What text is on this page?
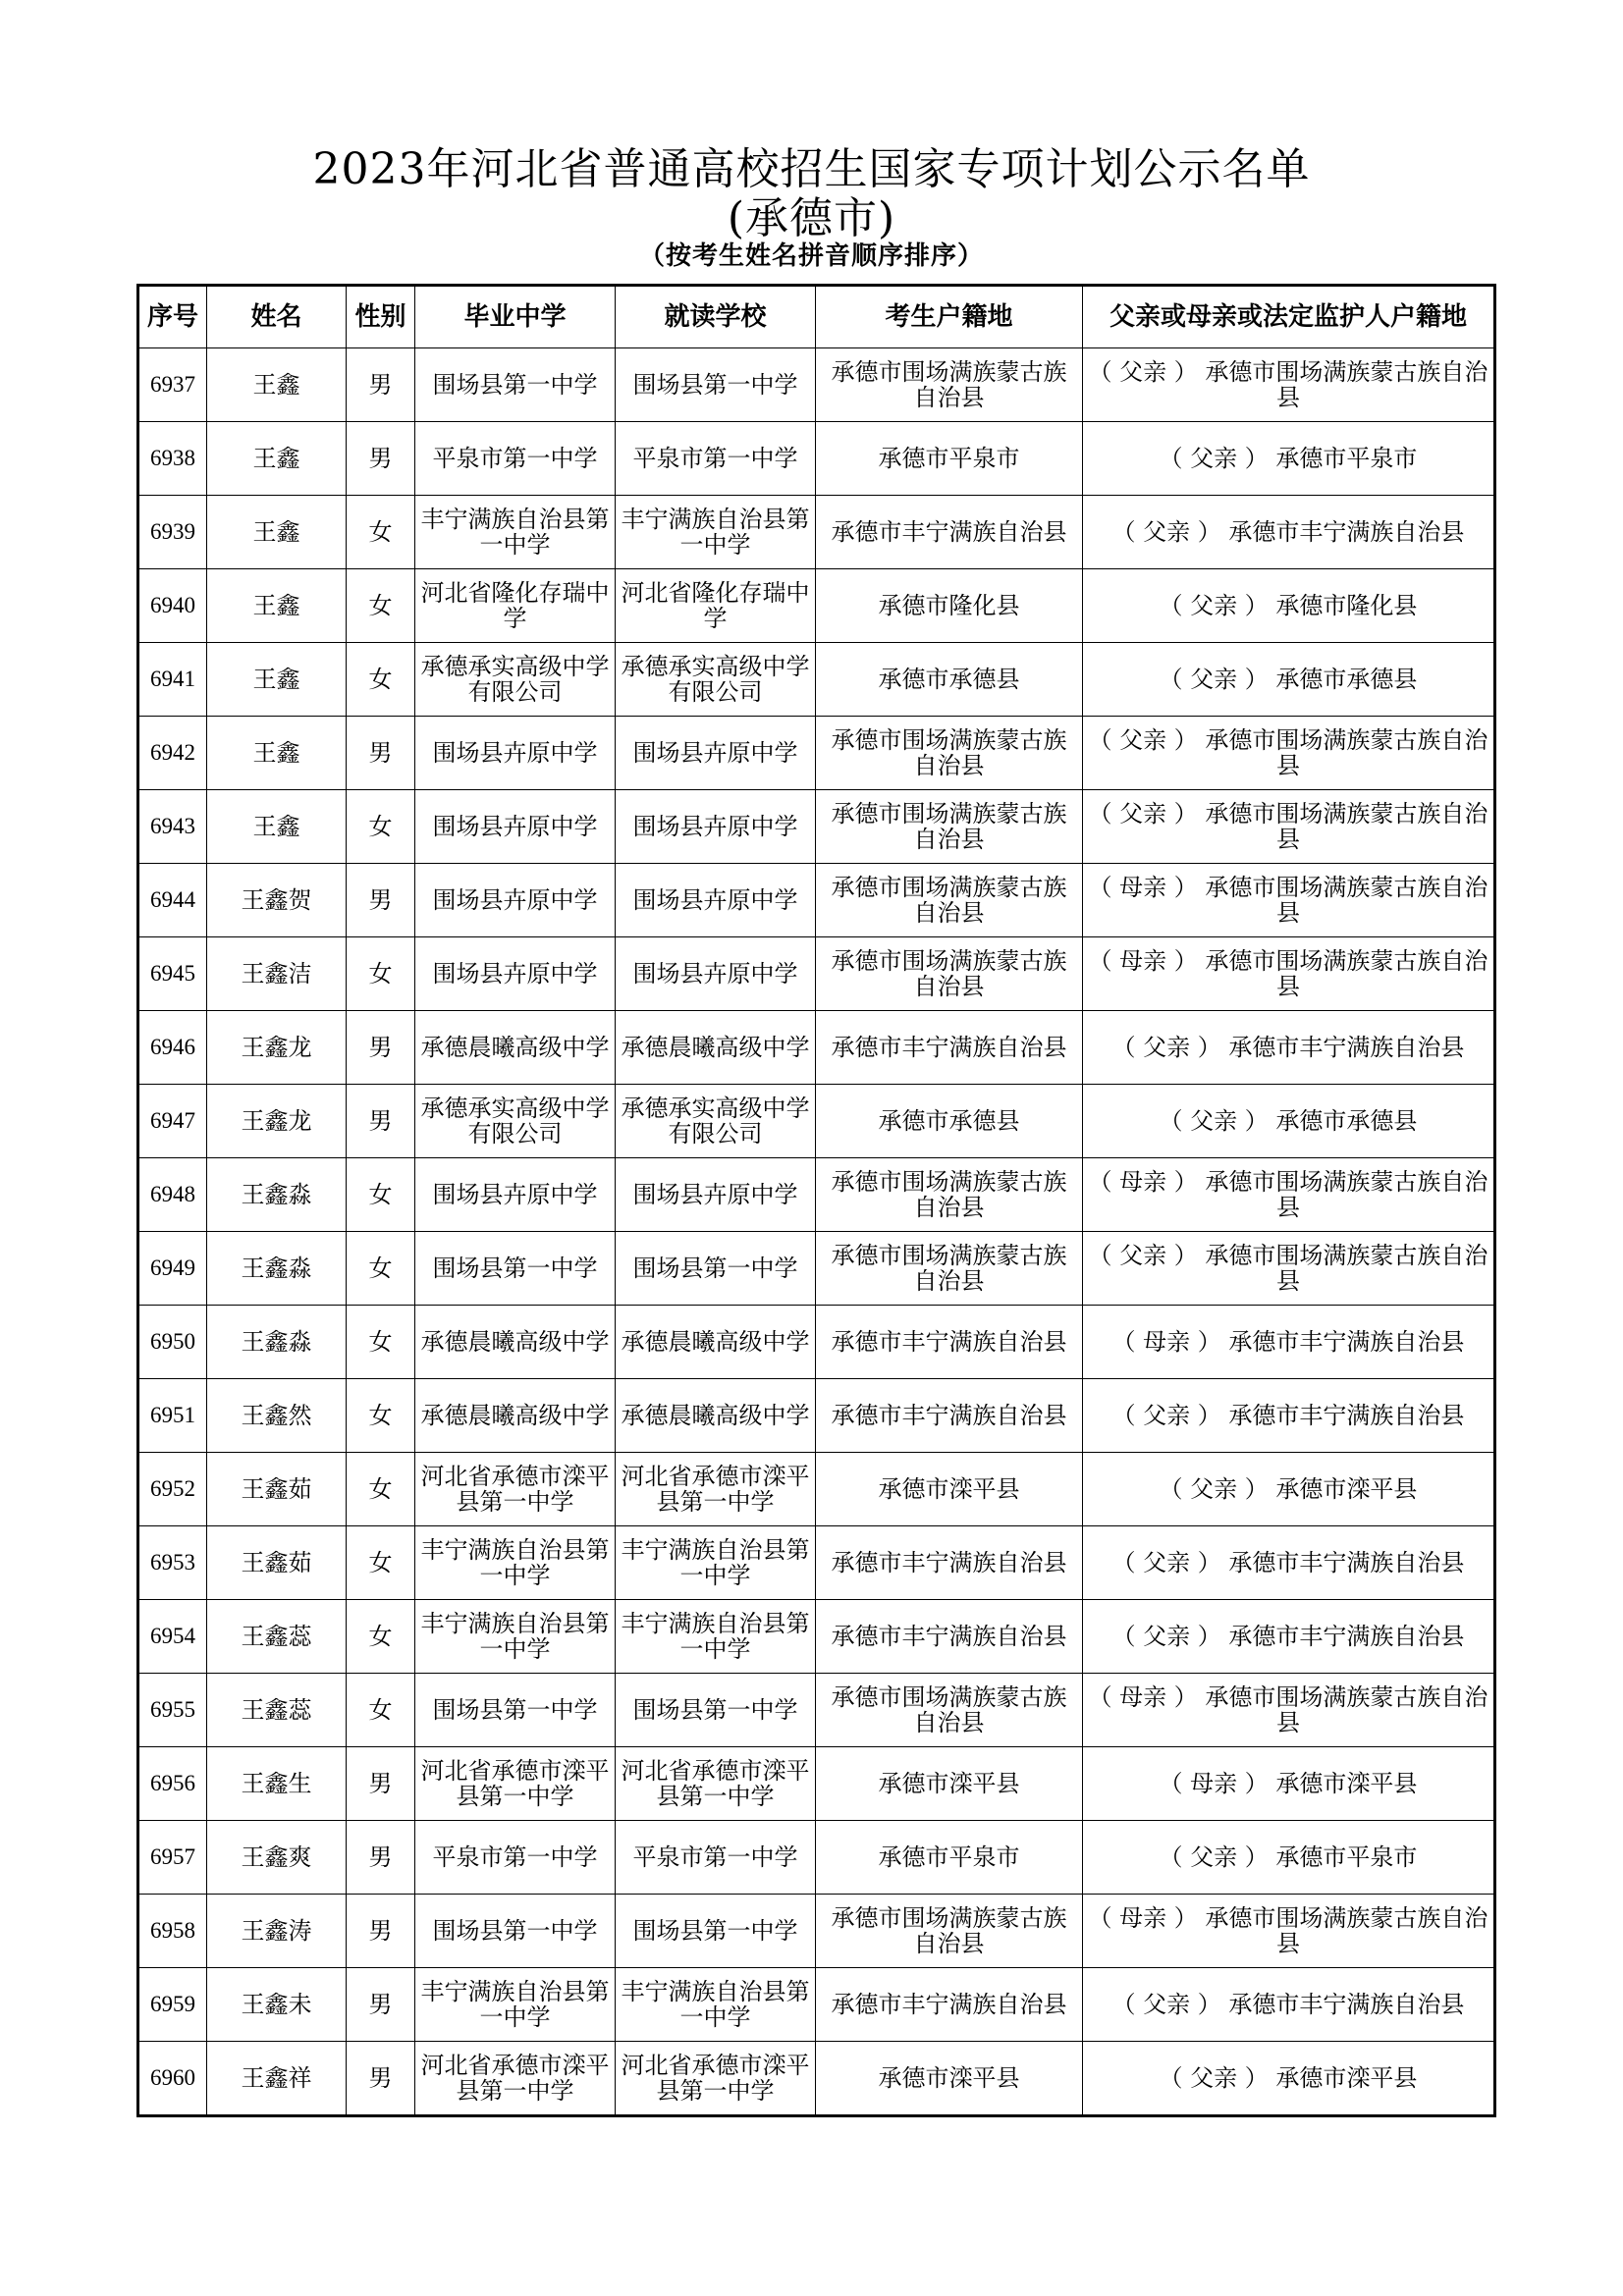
2023年河北省普通高校招生国家专项计划公示名单
(承德市)
（按考生姓名拼音顺序排序）
序号	姓名	性别	毕业中学	就读学校	考生户籍地	父亲或母亲或法定监护人户籍地
6937	王鑫	男	围场县第一中学	围场县第一中学	承德市围场满族蒙古族自治县	（ 父亲 ） 承德市围场满族蒙古族自治县
6938	王鑫	男	平泉市第一中学	平泉市第一中学	承德市平泉市	（ 父亲 ） 承德市平泉市
6939	王鑫	女	丰宁满族自治县第一中学	丰宁满族自治县第一中学	承德市丰宁满族自治县	（ 父亲 ） 承德市丰宁满族自治县
6940	王鑫	女	河北省隆化存瑞中学	河北省隆化存瑞中学	承德市隆化县	（ 父亲 ） 承德市隆化县
6941	王鑫	女	承德承实高级中学有限公司	承德承实高级中学有限公司	承德市承德县	（ 父亲 ） 承德市承德县
6942	王鑫	男	围场县卉原中学	围场县卉原中学	承德市围场满族蒙古族自治县	（ 父亲 ） 承德市围场满族蒙古族自治县
6943	王鑫	女	围场县卉原中学	围场县卉原中学	承德市围场满族蒙古族自治县	（ 父亲 ） 承德市围场满族蒙古族自治县
6944	王鑫贺	男	围场县卉原中学	围场县卉原中学	承德市围场满族蒙古族自治县	（ 母亲 ） 承德市围场满族蒙古族自治县
6945	王鑫洁	女	围场县卉原中学	围场县卉原中学	承德市围场满族蒙古族自治县	（ 母亲 ） 承德市围场满族蒙古族自治县
6946	王鑫龙	男	承德晨曦高级中学	承德晨曦高级中学	承德市丰宁满族自治县	（ 父亲 ） 承德市丰宁满族自治县
6947	王鑫龙	男	承德承实高级中学有限公司	承德承实高级中学有限公司	承德市承德县	（ 父亲 ） 承德市承德县
6948	王鑫淼	女	围场县卉原中学	围场县卉原中学	承德市围场满族蒙古族自治县	（ 母亲 ） 承德市围场满族蒙古族自治县
6949	王鑫淼	女	围场县第一中学	围场县第一中学	承德市围场满族蒙古族自治县	（ 父亲 ） 承德市围场满族蒙古族自治县
6950	王鑫淼	女	承德晨曦高级中学	承德晨曦高级中学	承德市丰宁满族自治县	（ 母亲 ） 承德市丰宁满族自治县
6951	王鑫然	女	承德晨曦高级中学	承德晨曦高级中学	承德市丰宁满族自治县	（ 父亲 ） 承德市丰宁满族自治县
6952	王鑫茹	女	河北省承德市滦平县第一中学	河北省承德市滦平县第一中学	承德市滦平县	（ 父亲 ） 承德市滦平县
6953	王鑫茹	女	丰宁满族自治县第一中学	丰宁满族自治县第一中学	承德市丰宁满族自治县	（ 父亲 ） 承德市丰宁满族自治县
6954	王鑫蕊	女	丰宁满族自治县第一中学	丰宁满族自治县第一中学	承德市丰宁满族自治县	（ 父亲 ） 承德市丰宁满族自治县
6955	王鑫蕊	女	围场县第一中学	围场县第一中学	承德市围场满族蒙古族自治县	（ 母亲 ） 承德市围场满族蒙古族自治县
6956	王鑫生	男	河北省承德市滦平县第一中学	河北省承德市滦平县第一中学	承德市滦平县	（ 母亲 ） 承德市滦平县
6957	王鑫爽	男	平泉市第一中学	平泉市第一中学	承德市平泉市	（ 父亲 ） 承德市平泉市
6958	王鑫涛	男	围场县第一中学	围场县第一中学	承德市围场满族蒙古族自治县	（ 母亲 ） 承德市围场满族蒙古族自治县
6959	王鑫未	男	丰宁满族自治县第一中学	丰宁满族自治县第一中学	承德市丰宁满族自治县	（ 父亲 ） 承德市丰宁满族自治县
6960	王鑫祥	男	河北省承德市滦平县第一中学	河北省承德市滦平县第一中学	承德市滦平县	（ 父亲 ） 承德市滦平县
